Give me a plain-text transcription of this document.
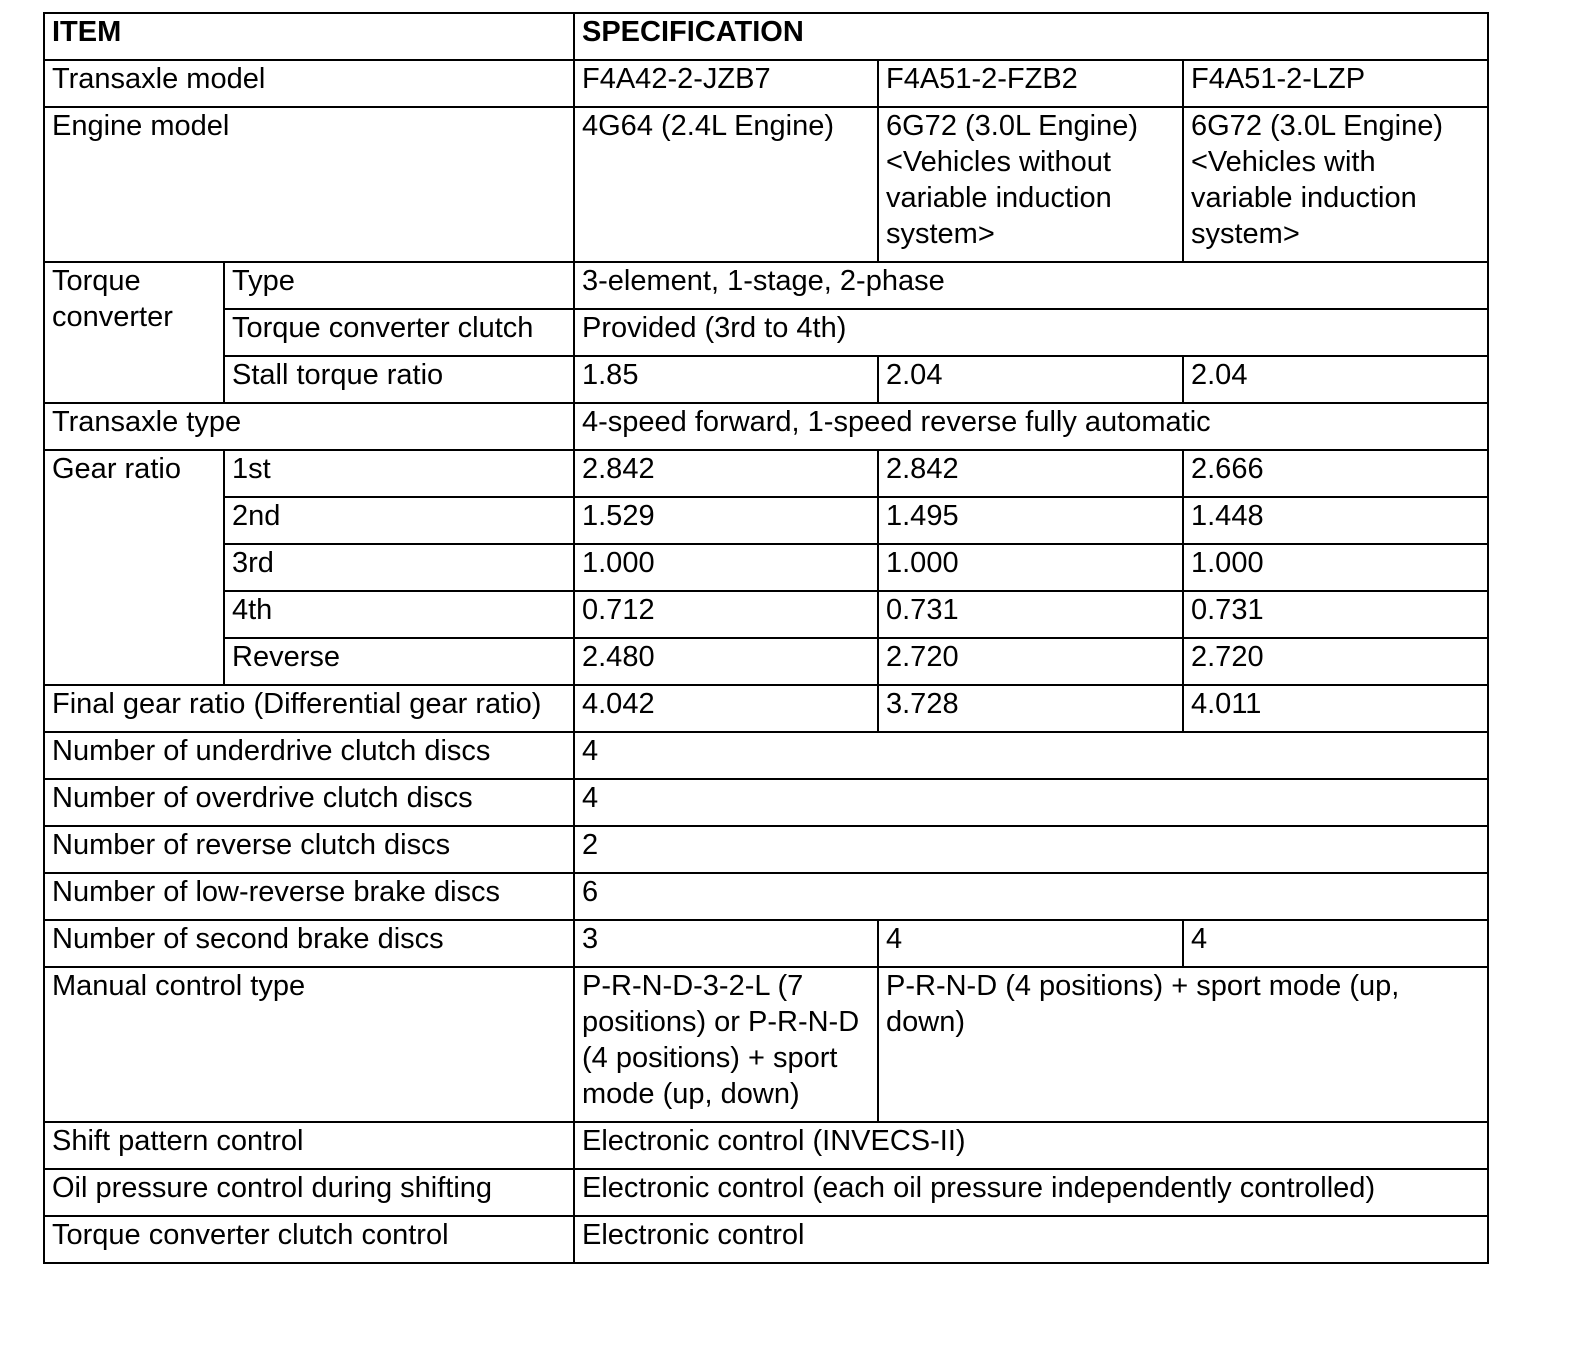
ITEM		SPECIFICATION		
Transaxle model		F4A42-2-JZB7	F4A51-2-FZB2	F4A51-2-LZP
Engine model		4G64 (2.4L Engine)	6G72 (3.0L Engine) <Vehicles without variable induction system>	6G72 (3.0L Engine) <Vehicles with variable induction system>
Torque converter	Type	3-element, 1-stage, 2-phase		
	Torque converter clutch	Provided (3rd to 4th)		
	Stall torque ratio	1.85	2.04	2.04
Transaxle type		4-speed forward, 1-speed reverse fully automatic		
Gear ratio	1st	2.842	2.842	2.666
	2nd	1.529	1.495	1.448
	3rd	1.000	1.000	1.000
	4th	0.712	0.731	0.731
	Reverse	2.480	2.720	2.720
Final gear ratio (Differential gear ratio)		4.042	3.728	4.011
Number of underdrive clutch discs		4		
Number of overdrive clutch discs		4		
Number of reverse clutch discs		2		
Number of low-reverse brake discs		6		
Number of second brake discs		3	4	4
Manual control type		P-R-N-D-3-2-L (7 positions) or P-R-N-D (4 positions) + sport mode (up, down)	P-R-N-D (4 positions) + sport mode (up, down)	
Shift pattern control		Electronic control (INVECS-II)		
Oil pressure control during shifting		Electronic control (each oil pressure independently controlled)		
Torque converter clutch control		Electronic control		
